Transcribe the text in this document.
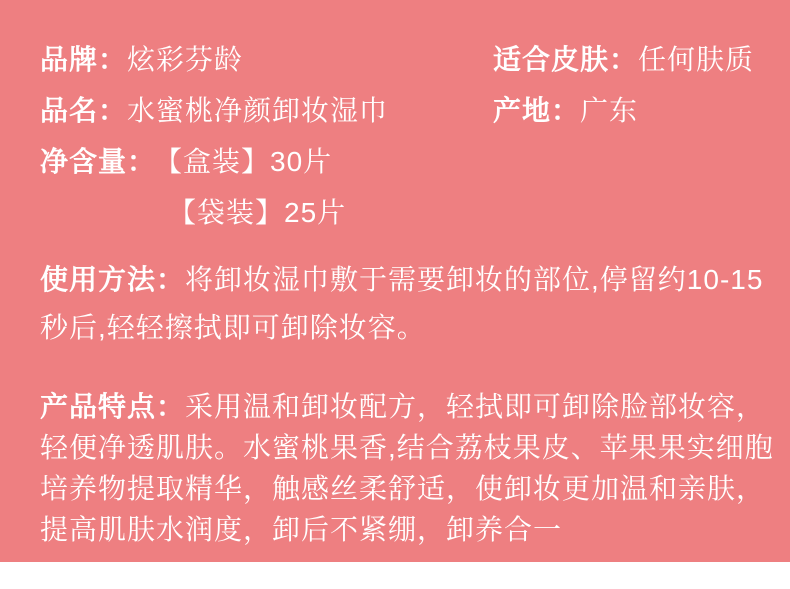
品牌：炫彩芬龄	适合皮肤：任何肤质
品名：水蜜桃净颜卸妆湿巾	产地：广东
净含量： 【盒装】30片
【袋装】25片
使用方法：将卸妆湿巾敷于需要卸妆的部位,停留约10-15
秒后,轻轻擦拭即可卸除妆容。
产品特点：采用温和卸妆配方，轻拭即可卸除脸部妆容，
轻便净透肌肤。水蜜桃果香,结合荔枝果皮、苹果果实细胞
培养物提取精华，触感丝柔舒适，使卸妆更加温和亲肤，
提高肌肤水润度，卸后不紧绷，卸养合一
